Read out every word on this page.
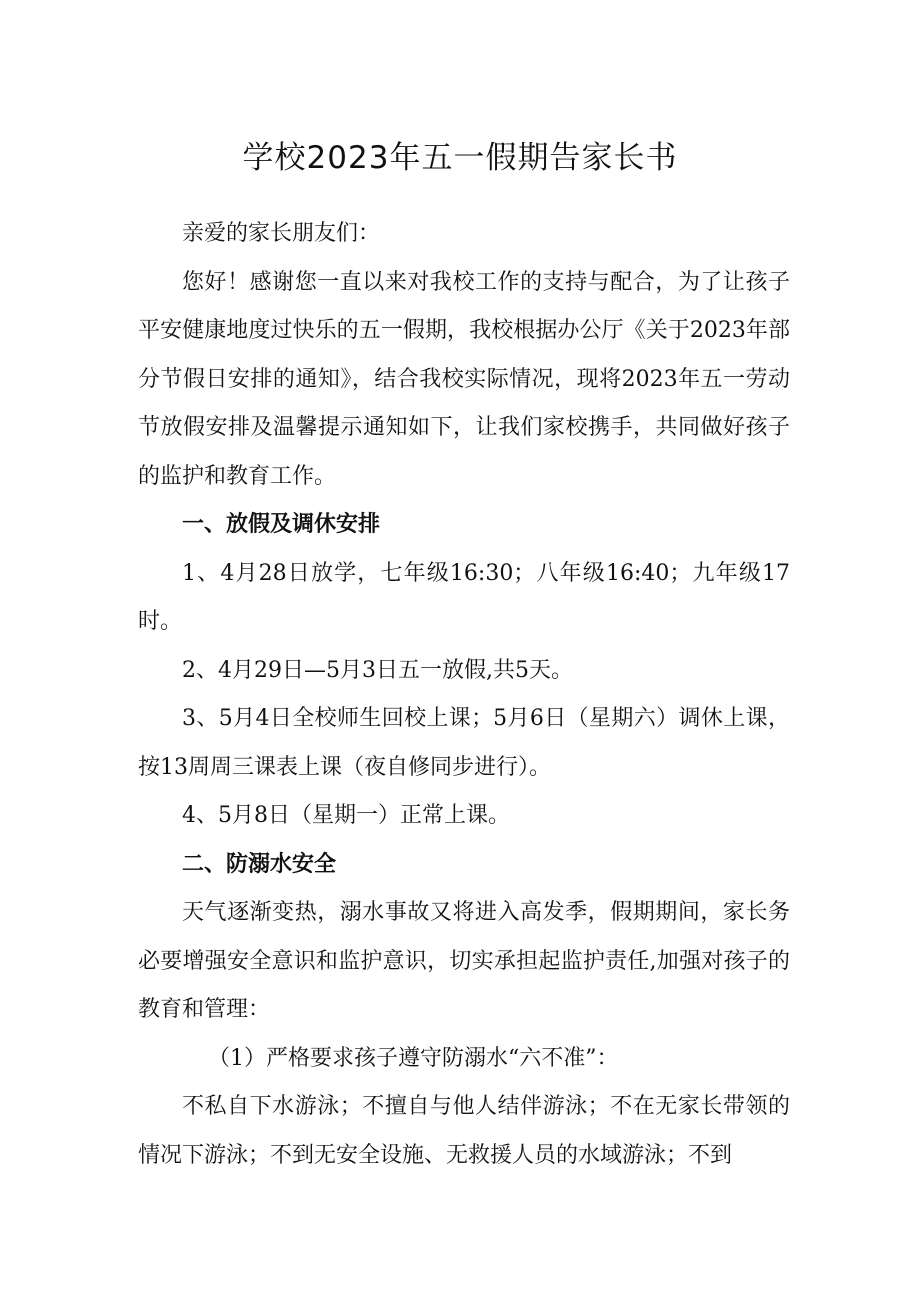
学校2023年五一假期告家长书

亲爱的家长朋友们：

您好！感谢您一直以来对我校工作的支持与配合，为了让孩子平安健康地度过快乐的五一假期，我校根据办公厅《关于2023年部分节假日安排的通知》，结合我校实际情况，现将2023年五一劳动节放假安排及温馨提示通知如下，让我们家校携手，共同做好孩子的监护和教育工作。

一、放假及调休安排

1、4月28日放学，七年级16:30；八年级16:40；九年级17时。

2、4月29日—5月3日五一放假,共5天。

3、5月4日全校师生回校上课；5月6日（星期六）调休上课，按13周周三课表上课（夜自修同步进行）。

4、5月8日（星期一）正常上课。

二、防溺水安全

天气逐渐变热，溺水事故又将进入高发季，假期期间，家长务必要增强安全意识和监护意识，切实承担起监护责任,加强对孩子的教育和管理：

（1）严格要求孩子遵守防溺水“六不准”：

不私自下水游泳；不擅自与他人结伴游泳；不在无家长带领的情况下游泳；不到无安全设施、无救援人员的水域游泳；不到
